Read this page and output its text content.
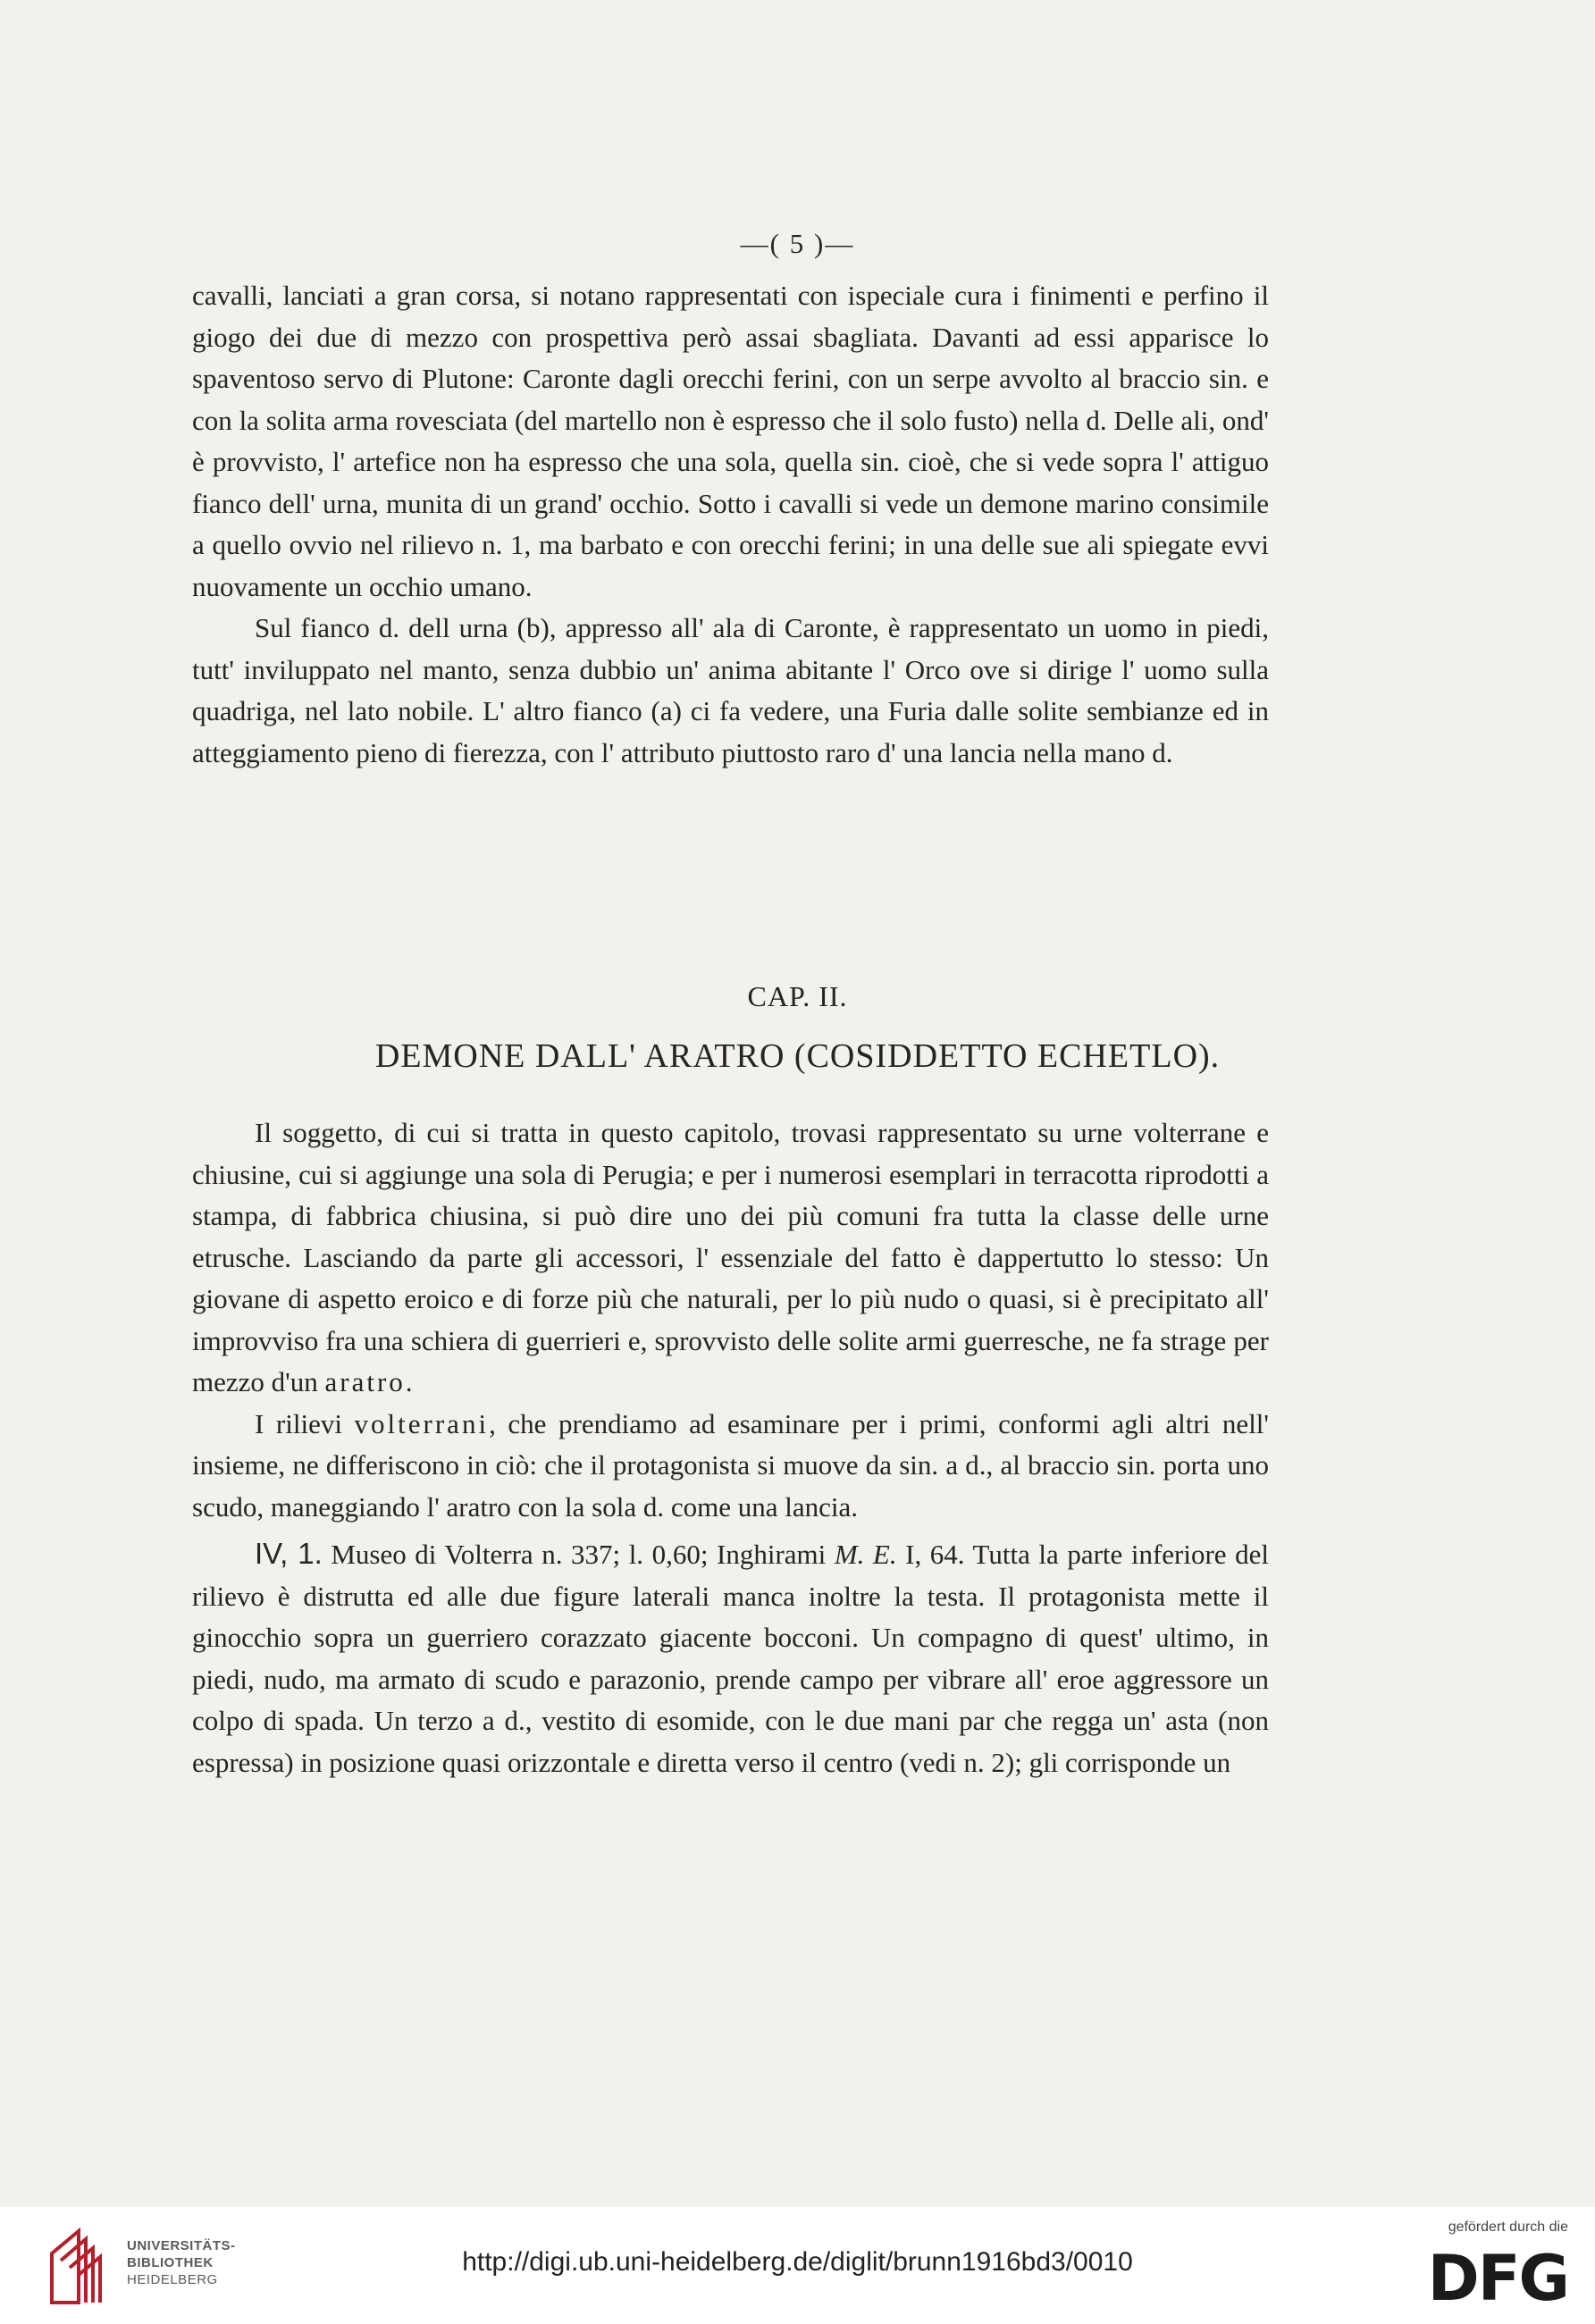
—( 5 )—

cavalli, lanciati a gran corsa, si notano rappresentati con ispeciale cura i finimenti e perfino il giogo dei due di mezzo con prospettiva però assai sbagliata. Davanti ad essi apparisce lo spaventoso servo di Plutone: Caronte dagli orecchi ferini, con un serpe avvolto al braccio sin. e con la solita arma rovesciata (del martello non è espresso che il solo fusto) nella d. Delle ali, ond' è provvisto, l' artefice non ha espresso che una sola, quella sin. cioè, che si vede sopra l' attiguo fianco dell' urna, munita di un grand' occhio. Sotto i cavalli si vede un demone marino consimile a quello ovvio nel rilievo n. 1, ma barbato e con orecchi ferini; in una delle sue ali spiegate evvi nuovamente un occhio umano.

Sul fianco d. dell urna (b), appresso all' ala di Caronte, è rappresentato un uomo in piedi, tutt' inviluppato nel manto, senza dubbio un' anima abitante l' Orco ove si dirige l' uomo sulla quadriga, nel lato nobile. L' altro fianco (a) ci fa vedere, una Furia dalle solite sembianze ed in atteggiamento pieno di fierezza, con l' attributo piuttosto raro d' una lancia nella mano d.

CAP. II.
DEMONE DALL' ARATRO (COSIDDETTO ECHETLO).

Il soggetto, di cui si tratta in questo capitolo, trovasi rappresentato su urne volterrane e chiusine, cui si aggiunge una sola di Perugia; e per i numerosi esemplari in terracotta riprodotti a stampa, di fabbrica chiusina, si può dire uno dei più comuni fra tutta la classe delle urne etrusche. Lasciando da parte gli accessori, l' essenziale del fatto è dappertutto lo stesso: Un giovane di aspetto eroico e di forze più che naturali, per lo più nudo o quasi, si è precipitato all' improvviso fra una schiera di guerrieri e, sprovvisto delle solite armi guerresche, ne fa strage per mezzo d'un aratro.

I rilievi volterrani, che prendiamo ad esaminare per i primi, conformi agli altri nell' insieme, ne differiscono in ciò: che il protagonista si muove da sin. a d., al braccio sin. porta uno scudo, maneggiando l' aratro con la sola d. come una lancia.

IV, 1. Museo di Volterra n. 337; l. 0,60; Inghirami M. E. I, 64. Tutta la parte inferiore del rilievo è distrutta ed alle due figure laterali manca inoltre la testa. Il protagonista mette il ginocchio sopra un guerriero corazzato giacente bocconi. Un compagno di quest' ultimo, in piedi, nudo, ma armato di scudo e parazonio, prende campo per vibrare all' eroe aggressore un colpo di spada. Un terzo a d., vestito di esomide, con le due mani par che regga un' asta (non espressa) in posizione quasi orizzontale e diretta verso il centro (vedi n. 2); gli corrisponde un

UNIVERSITÄTS-
BIBLIOTHEK
HEIDELBERG
http://digi.ub.uni-heidelberg.de/diglit/brunn1916bd3/0010
gefördert durch die
DFG
